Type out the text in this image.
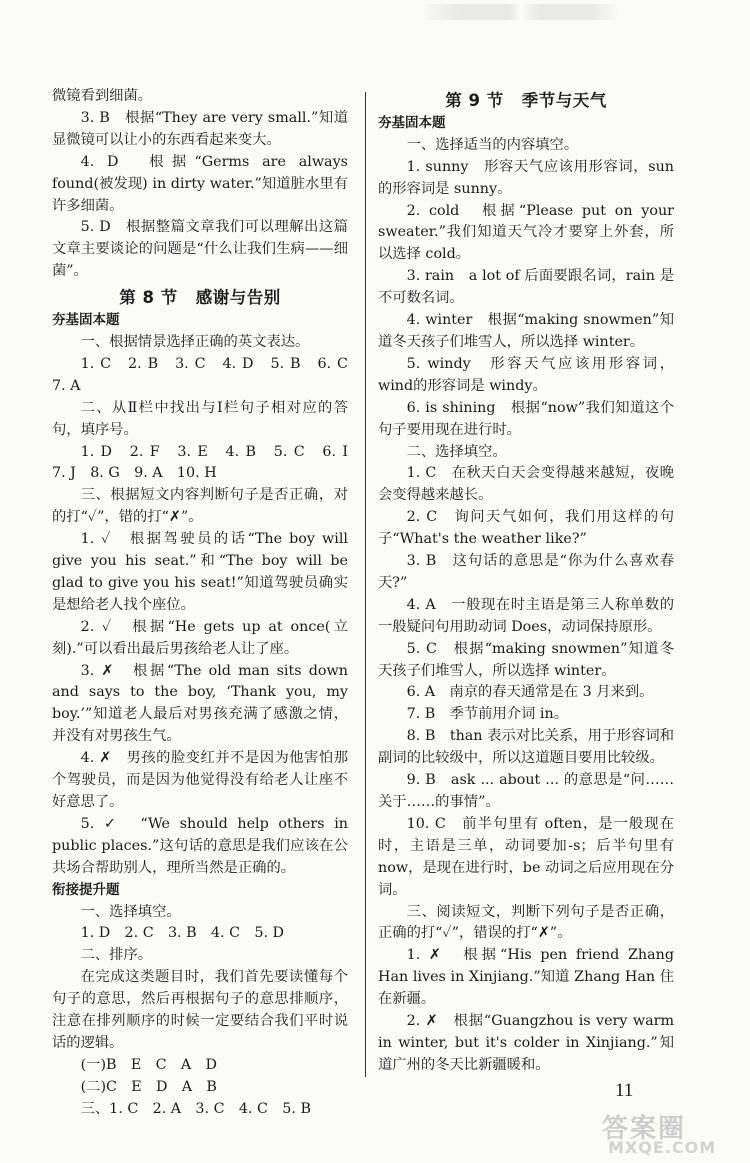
微镜看到细菌。

3. B　根据“They are very small.”知道显微镜可以让小的东西看起来变大。

4. D　根据“Germs are always found(被发现) in dirty water.”知道脏水里有许多细菌。

5. D　根据整篇文章我们可以理解出这篇文章主要谈论的问题是“什么让我们生病——细菌”。

第 8 节 感谢与告别

夯基固本题

一、根据情景选择正确的英文表达。

1. C　2. B　3. C　4. D　5. B　6. C　7. A

二、从Ⅱ栏中找出与Ⅰ栏句子相对应的答句，填序号。

1. D　2. F　3. E　4. B　5. C　6. I　7. J　8. G　9. A　10. H

三、根据短文内容判断句子是否正确，对的打“✓”，错的打“✗”。

1. ✓　根据驾驶员的话“The boy will give you his seat.”和“The boy will be glad to give you his seat!”知道驾驶员确实是想给老人找个座位。

2. ✓　根据“He gets up at once(立刻).”可以看出最后男孩给老人让了座。

3. ✗　根据“The old man sits down and says to the boy, ‘Thank you, my boy.’”知道老人最后对男孩充满了感激之情，并没有对男孩生气。

4. ✗　男孩的脸变红并不是因为他害怕那个驾驶员，而是因为他觉得没有给老人让座不好意思了。

5. ✓　“We should help others in public places.”这句话的意思是我们应该在公共场合帮助别人，理所当然是正确的。

衔接提升题

一、选择填空。

1. D　2. C　3. B　4. C　5. D

二、排序。

在完成这类题目时，我们首先要读懂每个句子的意思，然后再根据句子的意思排顺序，注意在排列顺序的时候一定要结合我们平时说话的逻辑。

(一)B　E　C　A　D

(二)C　E　D　A　B

三、1. C　2. A　3. C　4. C　5. B

第 9 节 季节与天气

夯基固本题

一、选择适当的内容填空。

1. sunny　形容天气应该用形容词，sun的形容词是 sunny。

2. cold　根据“Please put on your sweater.”我们知道天气冷才要穿上外套，所以选择 cold。

3. rain　a lot of 后面要跟名词，rain 是不可数名词。

4. winter　根据“making snowmen”知道冬天孩子们堆雪人，所以选择 winter。

5. windy　形容天气应该用形容词，wind的形容词是 windy。

6. is shining　根据“now”我们知道这个句子要用现在进行时。

二、选择填空。

1. C　在秋天白天会变得越来越短，夜晚会变得越来越长。

2. C　询问天气如何，我们用这样的句子“What's the weather like?”

3. B　这句话的意思是“你为什么喜欢春天?”

4. A　一般现在时主语是第三人称单数的一般疑问句用助动词 Does，动词保持原形。

5. C　根据“making snowmen”知道冬天孩子们堆雪人，所以选择 winter。

6. A　南京的春天通常是在 3 月来到。

7. B　季节前用介词 in。

8. B　than 表示对比关系，用于形容词和副词的比较级中，所以这道题目要用比较级。

9. B　ask ... about ... 的意思是“问……关于……的事情”。

10. C　前半句里有 often，是一般现在时，主语是三单，动词要加-s；后半句里有now，是现在进行时，be 动词之后应用现在分词。

三、阅读短文，判断下列句子是否正确，正确的打“✓”，错误的打“✗”。

1. ✗　根据“His pen friend Zhang Han lives in Xinjiang.”知道 Zhang Han 住在新疆。

2. ✗　根据“Guangzhou is very warm in winter, but it's colder in Xinjiang.”知道广州的冬天比新疆暖和。

11
答案圈
MXQE.COM
